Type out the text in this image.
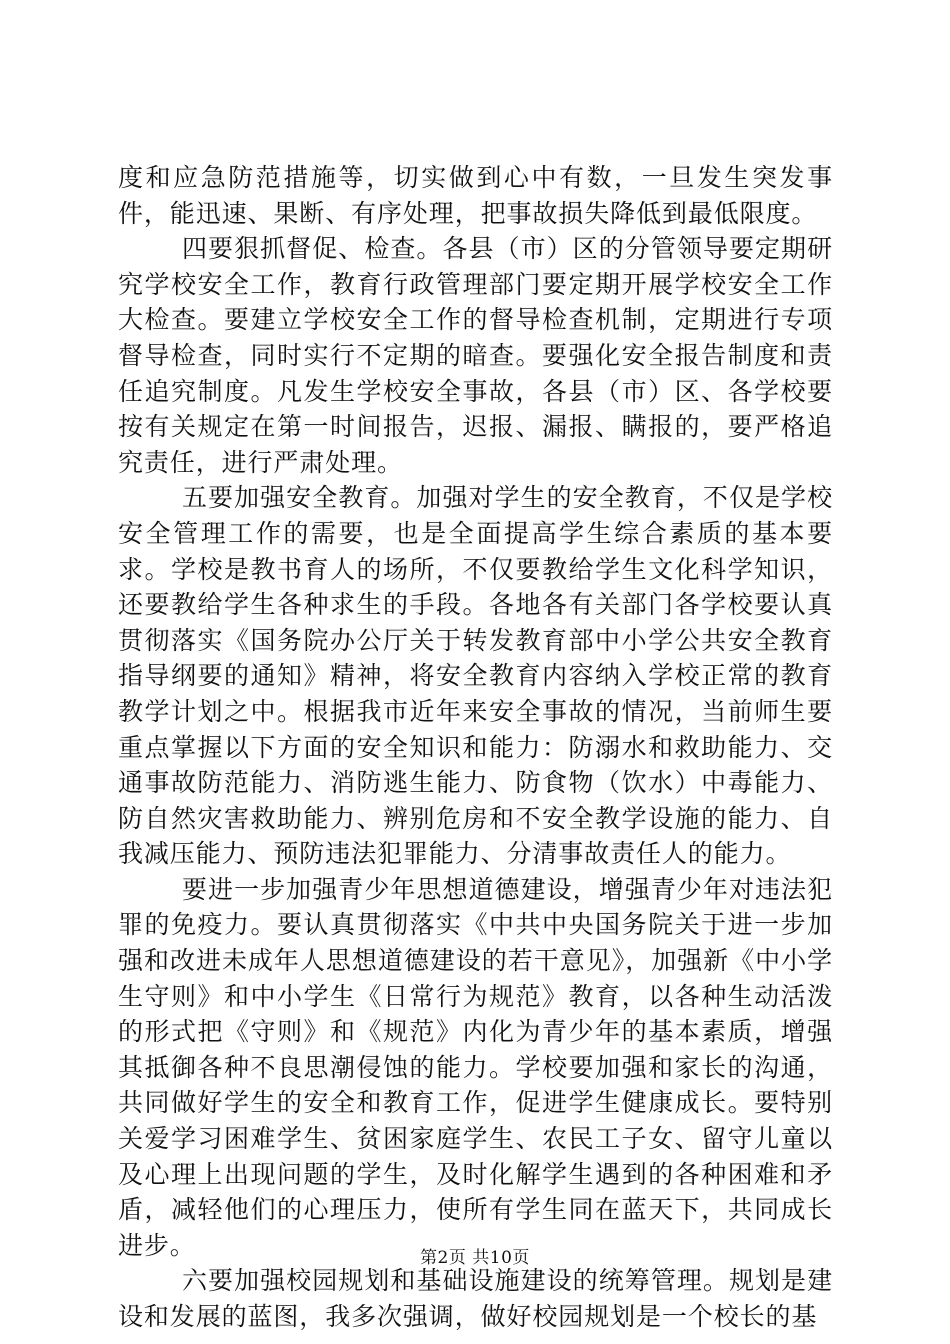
度和应急防范措施等，切实做到心中有数，一旦发生突发事件，能迅速、果断、有序处理，把事故损失降低到最低限度。

四要狠抓督促、检查。各县（市）区的分管领导要定期研究学校安全工作，教育行政管理部门要定期开展学校安全工作大检查。要建立学校安全工作的督导检查机制，定期进行专项督导检查，同时实行不定期的暗查。要强化安全报告制度和责任追究制度。凡发生学校安全事故，各县（市）区、各学校要按有关规定在第一时间报告，迟报、漏报、瞒报的，要严格追究责任，进行严肃处理。

五要加强安全教育。加强对学生的安全教育，不仅是学校安全管理工作的需要，也是全面提高学生综合素质的基本要求。学校是教书育人的场所，不仅要教给学生文化科学知识，还要教给学生各种求生的手段。各地各有关部门各学校要认真贯彻落实《国务院办公厅关于转发教育部中小学公共安全教育指导纲要的通知》精神，将安全教育内容纳入学校正常的教育教学计划之中。根据我市近年来安全事故的情况，当前师生要重点掌握以下方面的安全知识和能力：防溺水和救助能力、交通事故防范能力、消防逃生能力、防食物（饮水）中毒能力、防自然灾害救助能力、辨别危房和不安全教学设施的能力、自我减压能力、预防违法犯罪能力、分清事故责任人的能力。

要进一步加强青少年思想道德建设，增强青少年对违法犯罪的免疫力。要认真贯彻落实《中共中央国务院关于进一步加强和改进未成年人思想道德建设的若干意见》，加强新《中小学生守则》和中小学生《日常行为规范》教育，以各种生动活泼的形式把《守则》和《规范》内化为青少年的基本素质，增强其抵御各种不良思潮侵蚀的能力。学校要加强和家长的沟通，共同做好学生的安全和教育工作，促进学生健康成长。要特别关爱学习困难学生、贫困家庭学生、农民工子女、留守儿童以及心理上出现问题的学生，及时化解学生遇到的各种困难和矛盾，减轻他们的心理压力，使所有学生同在蓝天下，共同成长进步。

六要加强校园规划和基础设施建设的统筹管理。规划是建设和发展的蓝图，我多次强调，做好校园规划是一个校长的基

第2页 共10页
